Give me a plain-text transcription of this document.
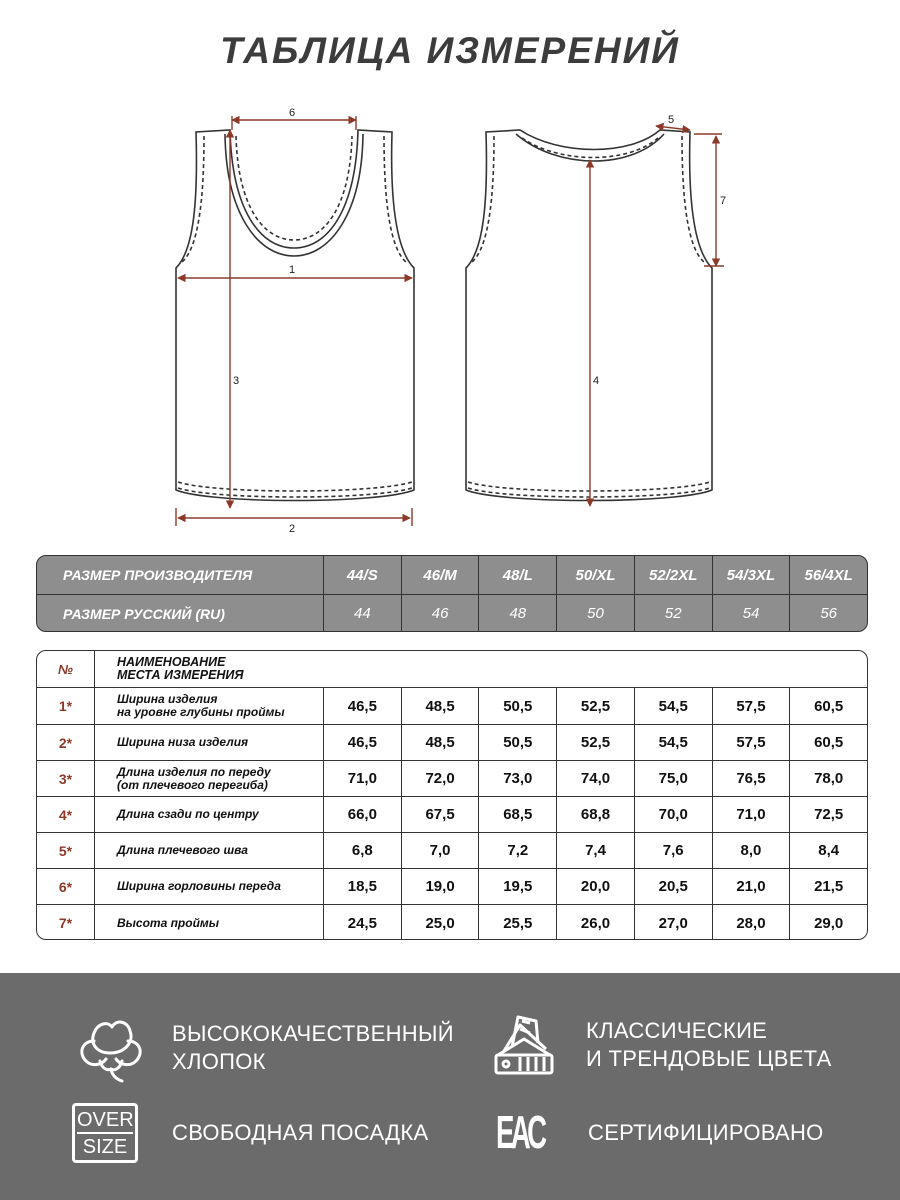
ТАБЛИЦА ИЗМЕРЕНИЙ
6
1
3
2
5
4
7
РАЗМЕР ПРОИЗВОДИТЕЛЯ	44/S	46/M	48/L	50/XL	52/2XL	54/3XL	56/4XL
РАЗМЕР РУССКИЙ (RU)	44	46	48	50	52	54	56
№	НАИМЕНОВАНИЕ
МЕСТА ИЗМЕРЕНИЯ
1*	Ширина изделия
на уровне глубины проймы	46,5	48,5	50,5	52,5	54,5	57,5	60,5
2*	Ширина низа изделия	46,5	48,5	50,5	52,5	54,5	57,5	60,5
3*	Длина изделия по переду
(от плечевого перегиба)	71,0	72,0	73,0	74,0	75,0	76,5	78,0
4*	Длина сзади по центру	66,0	67,5	68,5	68,8	70,0	71,0	72,5
5*	Длина плечевого шва	6,8	7,0	7,2	7,4	7,6	8,0	8,4
6*	Ширина горловины переда	18,5	19,0	19,5	20,0	20,5	21,0	21,5
7*	Высота проймы	24,5	25,0	25,5	26,0	27,0	28,0	29,0
ВЫСОКОКАЧЕСТВЕННЫЙ
ХЛОПОК
КЛАССИЧЕСКИЕ
И ТРЕНДОВЫЕ ЦВЕТА
OVER
SIZE
СВОБОДНАЯ ПОСАДКА EAC СЕРТИФИЦИРОВАНО
